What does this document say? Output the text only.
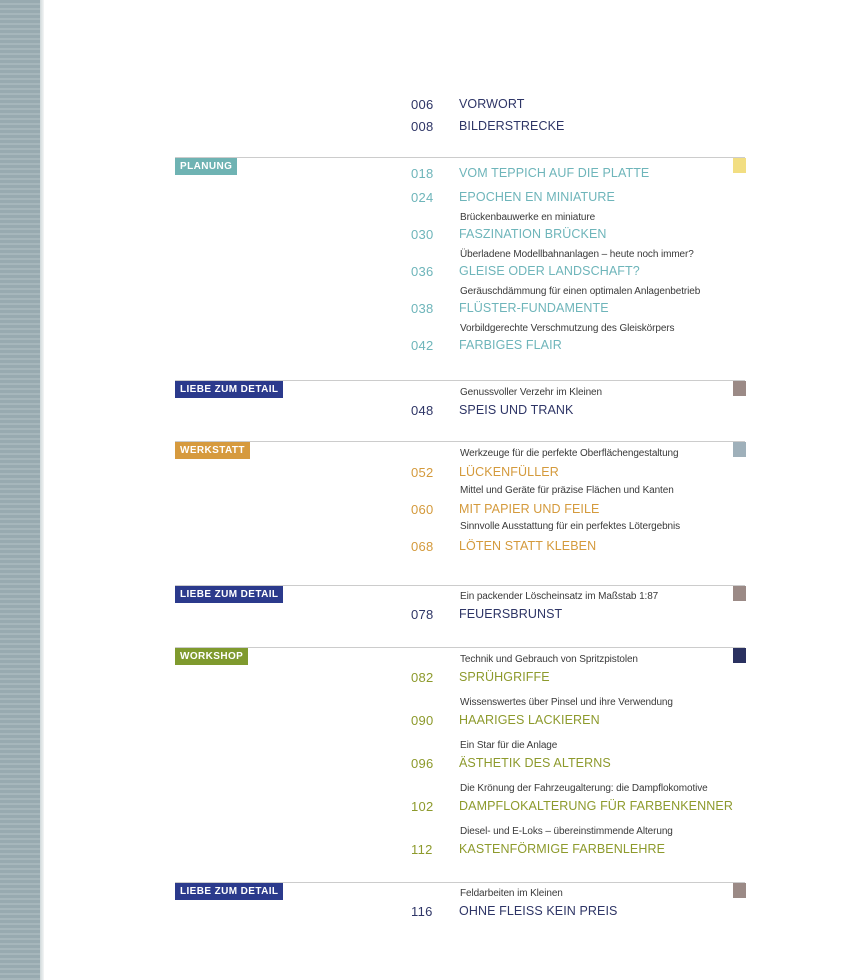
006	VORWORT
008	BILDERSTRECKE
PLANUNG	018	VOM TEPPICH AUF DIE PLATTE
024	EPOCHEN EN MINIATURE
Brückenbauwerke en miniature
030	FASZINATION BRÜCKEN
Überladene Modellbahnanlagen – heute noch immer?
036	GLEISE ODER LANDSCHAFT?
Geräuschdämmung für einen optimalen Anlagenbetrieb
038	FLÜSTER-FUNDAMENTE
Vorbildgerechte Verschmutzung des Gleiskörpers
042	FARBIGES FLAIR
LIEBE ZUM DETAIL	Genussvoller Verzehr im Kleinen
048	SPEIS UND TRANK
WERKSTATT	Werkzeuge für die perfekte Oberflächengestaltung
052	LÜCKENFÜLLER
Mittel und Geräte für präzise Flächen und Kanten
060	MIT PAPIER UND FEILE
Sinnvolle Ausstattung für ein perfektes Lötergebnis
068	LÖTEN STATT KLEBEN
LIEBE ZUM DETAIL	Ein packender Löscheinsatz im Maßstab 1:87
078	FEUERSBRUNST
WORKSHOP	Technik und Gebrauch von Spritzpistolen
082	SPRÜHGRIFFE
Wissenswertes über Pinsel und ihre Verwendung
090	HAARIGES LACKIEREN
Ein Star für die Anlage
096	ÄSTHETIK DES ALTERNS
Die Krönung der Fahrzeugalterung: die Dampflokomotive
102	DAMPFLOKALTERUNG FÜR FARBENKENNER
Diesel- und E-Loks – übereinstimmende Alterung
112	KASTENFÖRMIGE FARBENLEHRE
LIEBE ZUM DETAIL	Feldarbeiten im Kleinen
116	OHNE FLEISS KEIN PREIS
